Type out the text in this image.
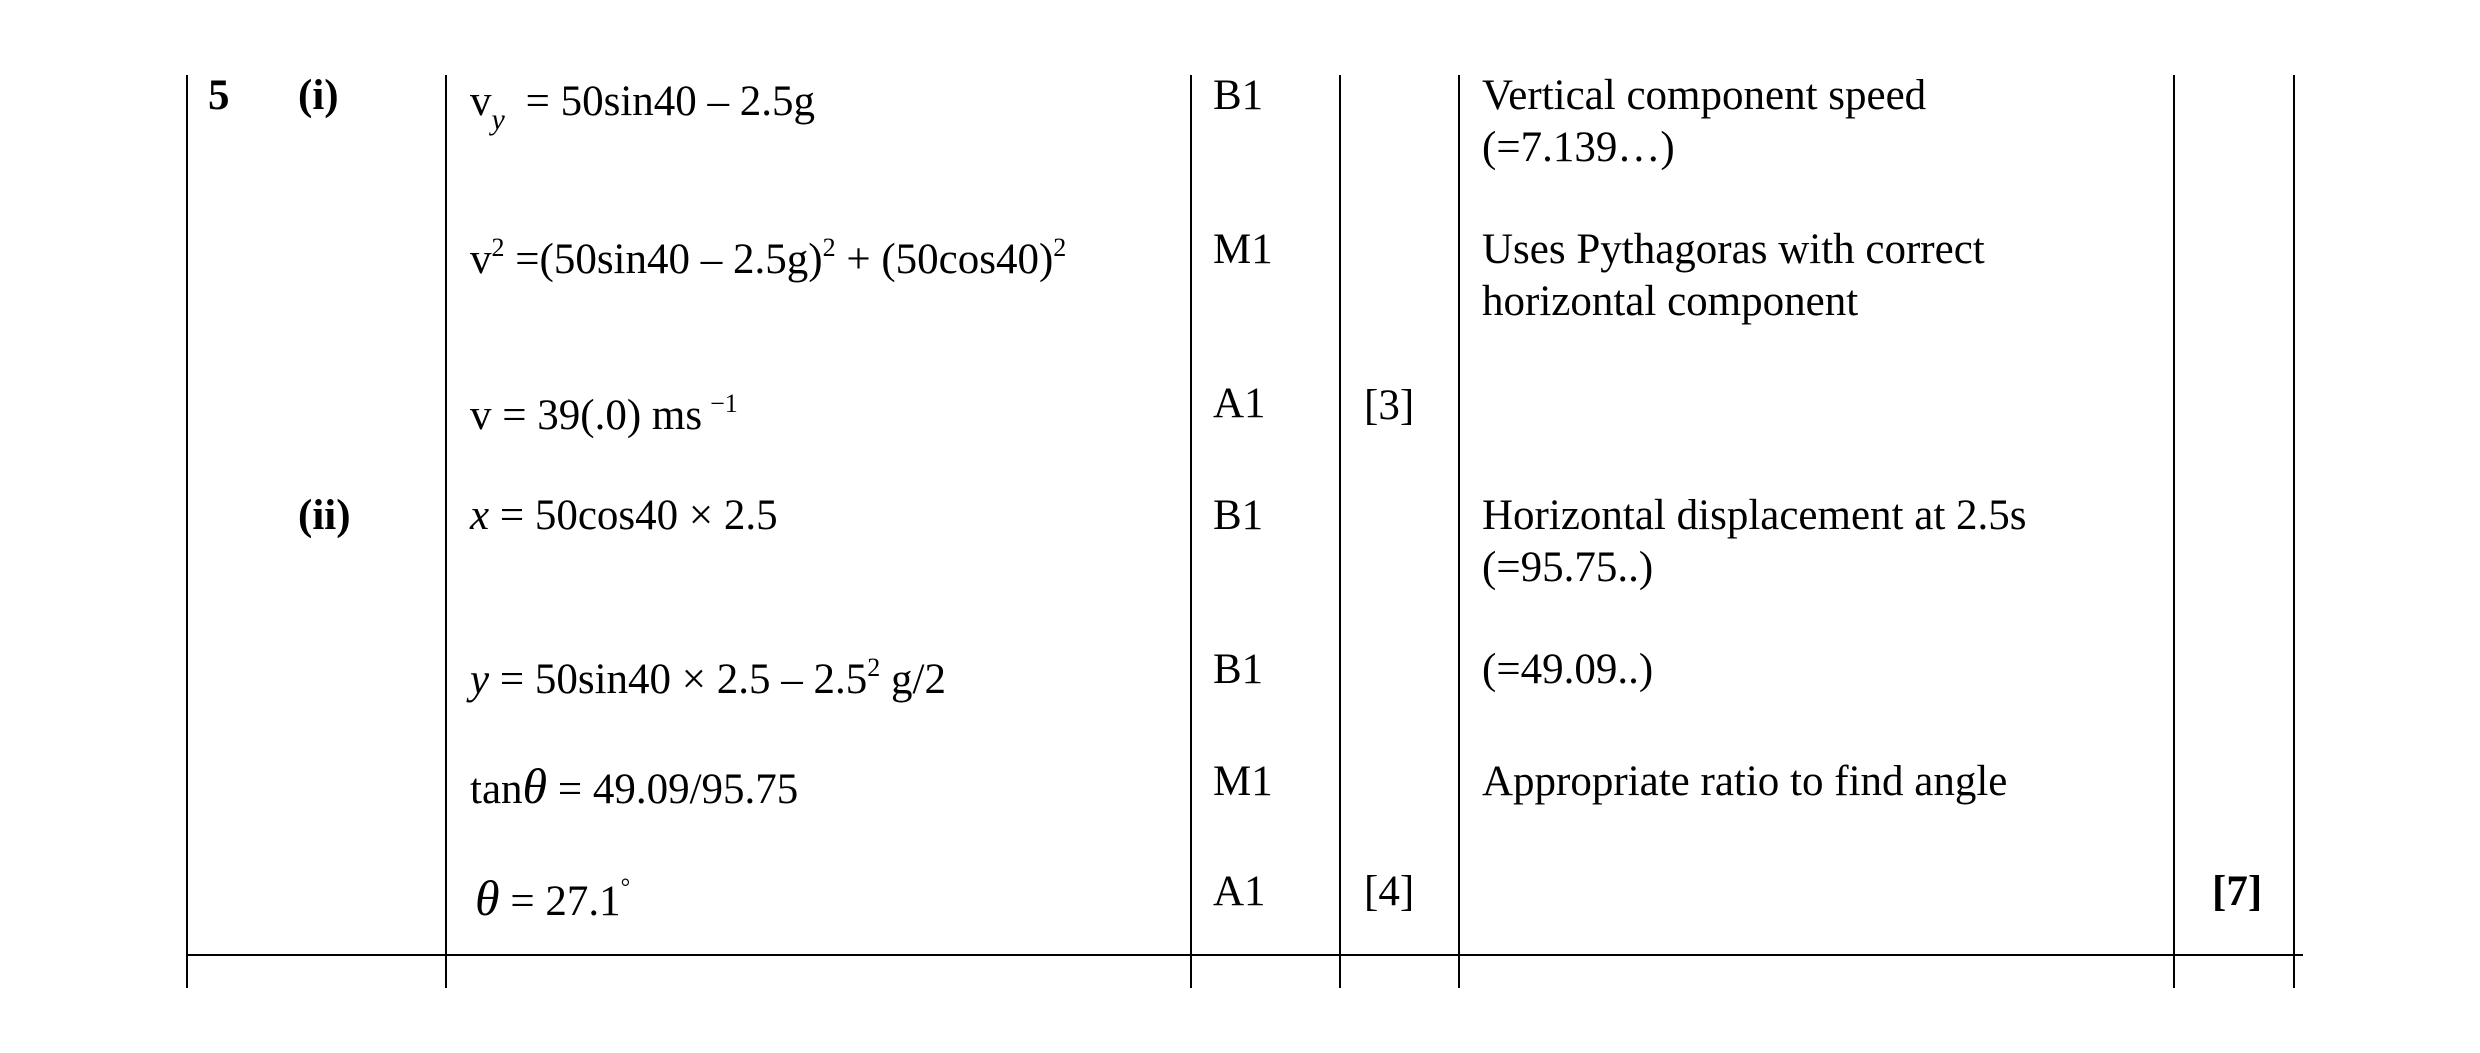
5 (i)
(ii)
$v_y = 50\sin 40 - 2.5g$
$v^2 =(50\sin 40 - 2.5g)^2 + (50\cos 40)^2$
v = 39(.0) ms $^{-1}$
x = 50cos40 × 2.5
$y = 50\sin 40 \times 2.5 - 2.5^2$ g/2
tanθ = 49.09/95.75
θ = 27.1°
B1
M1
A1
B1
B1
M1
A1
[3]
[4]
Vertical component speed
(=7.139…)
Uses Pythagoras with correct
horizontal component
Horizontal displacement at 2.5s
(=95.75..)
(=49.09..)
Appropriate ratio to find angle
[7]
